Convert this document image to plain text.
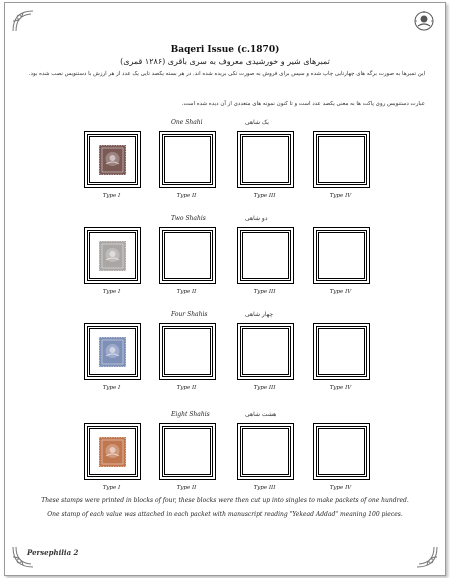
Baqeri Issue (c.1870)
تمبرهای شیر و خورشیدی معروف به سری باقری (۱۲۸۶ قمری)
این تمبرها به صورت برگه های چهارتایی چاپ شده و سپس برای فروش به صورت تکی بریده شده اند. در هر بسته یکصد تایی یک عدد از هر ارزش با دستنویس نصب شده بود.
عبارت دستنویس روی پاکت ها به معنی یکصد عدد است و تا کنون نمونه های متعددی از آن دیده شده است.
One Shahi	یک شاهی
Type I	Type II	Type III	Type IV
Two Shahis	دو شاهی
Type I	Type II	Type III	Type IV
Four Shahis	چهار شاهی
Type I	Type II	Type III	Type IV
Eight Shahis	هشت شاهی
Type I	Type II	Type III	Type IV
These stamps were printed in blocks of four, these blocks were then cut up into singles to make packets of one hundred.
One stamp of each value was attached in each packet with manuscript reading "Yekead Addad" meaning 100 pieces.
Persephilia 2
